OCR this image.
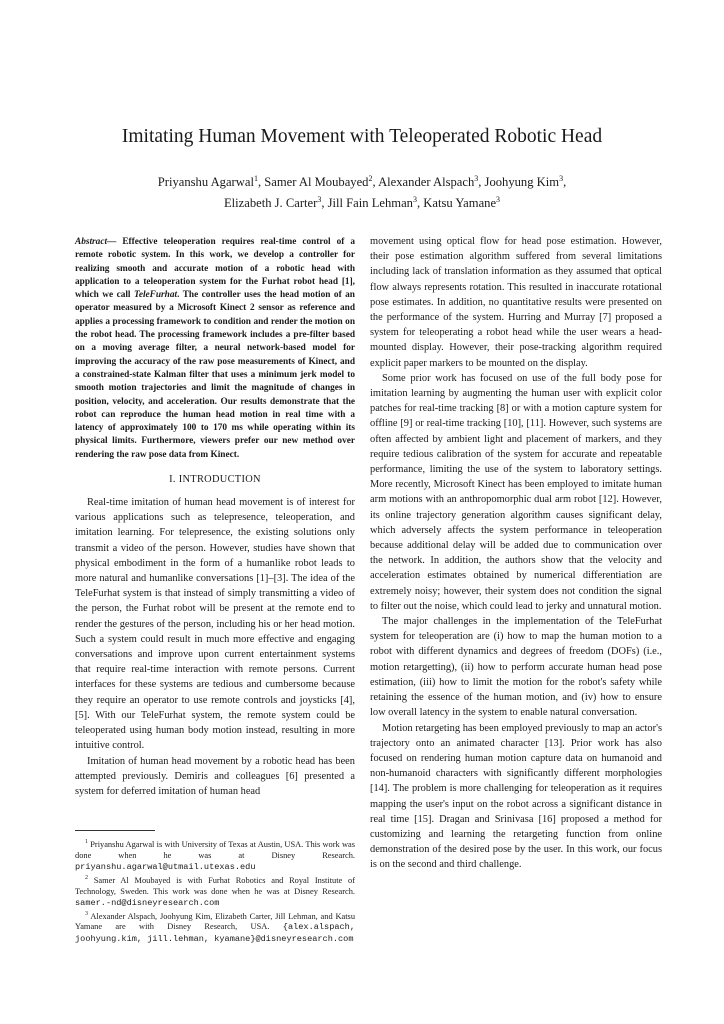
Imitating Human Movement with Teleoperated Robotic Head
Priyanshu Agarwal$^1$, Samer Al Moubayed$^2$, Alexander Alspach$^3$, Joohyung Kim$^3$,
Elizabeth J. Carter$^3$, Jill Fain Lehman$^3$, Katsu Yamane$^3$

Abstract— Effective teleoperation requires real-time control of a remote robotic system. In this work, we develop a controller for realizing smooth and accurate motion of a robotic head with application to a teleoperation system for the Furhat robot head [1], which we call TeleFurhat. The controller uses the head motion of an operator measured by a Microsoft Kinect 2 sensor as reference and applies a processing framework to condition and render the motion on the robot head. The processing framework includes a pre-filter based on a moving average filter, a neural network-based model for improving the accuracy of the raw pose measurements of Kinect, and a constrained-state Kalman filter that uses a minimum jerk model to smooth motion trajectories and limit the magnitude of changes in position, velocity, and acceleration. Our results demonstrate that the robot can reproduce the human head motion in real time with a latency of approximately 100 to 170 ms while operating within its physical limits. Furthermore, viewers prefer our new method over rendering the raw pose data from Kinect.

I. INTRODUCTION

Real-time imitation of human head movement is of interest for various applications such as telepresence, teleoperation, and imitation learning. For telepresence, the existing solutions only transmit a video of the person. However, studies have shown that physical embodiment in the form of a humanlike robot leads to more natural and humanlike conversations [1]–[3]. The idea of the TeleFurhat system is that instead of simply transmitting a video of the person, the Furhat robot will be present at the remote end to render the gestures of the person, including his or her head motion. Such a system could result in much more effective and engaging conversations and improve upon current entertainment systems that require real-time interaction with remote persons. Current interfaces for these systems are tedious and cumbersome because they require an operator to use remote controls and joysticks [4], [5]. With our TeleFurhat system, the remote system could be teleoperated using human body motion instead, resulting in more intuitive control.

Imitation of human head movement by a robotic head has been attempted previously. Demiris and colleagues [6] presented a system for deferred imitation of human head

$^1$ Priyanshu Agarwal is with University of Texas at Austin, USA. This work was done when he was at Disney Research. priyanshu.agarwal@utmail.utexas.edu

$^2$ Samer Al Moubayed is with Furhat Robotics and Royal Institute of Technology, Sweden. This work was done when he was at Disney Research. samer.-nd@disneyresearch.com

$^3$ Alexander Alspach, Joohyung Kim, Elizabeth Carter, Jill Lehman, and Katsu Yamane are with Disney Research, USA. {alex.alspach, joohyung.kim, jill.lehman, kyamane}@disneyresearch.com

movement using optical flow for head pose estimation. However, their pose estimation algorithm suffered from several limitations including lack of translation information as they assumed that optical flow always represents rotation. This resulted in inaccurate rotational pose estimates. In addition, no quantitative results were presented on the performance of the system. Hurring and Murray [7] proposed a system for teleoperating a robot head while the user wears a head-mounted display. However, their pose-tracking algorithm required explicit paper markers to be mounted on the display.

Some prior work has focused on use of the full body pose for imitation learning by augmenting the human user with explicit color patches for real-time tracking [8] or with a motion capture system for offline [9] or real-time tracking [10], [11]. However, such systems are often affected by ambient light and placement of markers, and they require tedious calibration of the system for accurate and repeatable performance, limiting the use of the system to laboratory settings. More recently, Microsoft Kinect has been employed to imitate human arm motions with an anthropomorphic dual arm robot [12]. However, its online trajectory generation algorithm causes significant delay, which adversely affects the system performance in teleoperation because additional delay will be added due to communication over the network. In addition, the authors show that the velocity and acceleration estimates obtained by numerical differentiation are extremely noisy; however, their system does not condition the signal to filter out the noise, which could lead to jerky and unnatural motion.

The major challenges in the implementation of the TeleFurhat system for teleoperation are (i) how to map the human motion to a robot with different dynamics and degrees of freedom (DOFs) (i.e., motion retargetting), (ii) how to perform accurate human head pose estimation, (iii) how to limit the motion for the robot's safety while retaining the essence of the human motion, and (iv) how to ensure low overall latency in the system to enable natural conversation.

Motion retargeting has been employed previously to map an actor's trajectory onto an animated character [13]. Prior work has also focused on rendering human motion capture data on humanoid and non-humanoid characters with significantly different morphologies [14]. The problem is more challenging for teleoperation as it requires mapping the user's input on the robot across a significant distance in real time [15]. Dragan and Srinivasa [16] proposed a method for customizing and learning the retargeting function from online demonstration of the desired pose by the user. In this work, our focus is on the second and third challenge.
